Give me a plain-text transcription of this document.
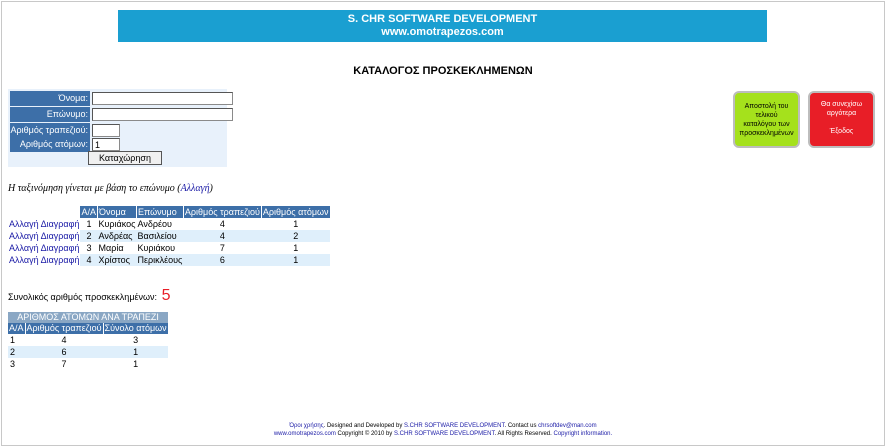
S. CHR SOFTWARE DEVELOPMENT
www.omotrapezos.com
ΚΑΤΑΛΟΓΟΣ ΠΡΟΣΚΕΚΛΗΜΕΝΩΝ
Όνομα:
Επώνυμο:
Αριθμός τραπεζιού:
Αριθμός ατόμων:
1
Καταχώρηση
Αποστολή του
τελικού
καταλόγου των
προσκεκλημένων
Θα συνεχίσω
αργότερα
Έξοδος
Η ταξινόμηση γίνεται με βάση το επώνυμο (Αλλαγή)
	Α/Α	Όνομα	Επώνυμο	Αριθμός τραπεζιού	Αριθμός ατόμων
Αλλαγή Διαγραφή	1	Κυριάκος	Ανδρέου	4	1
Αλλαγή Διαγραφή	2	Ανδρέας	Βασιλείου	4	2
Αλλαγή Διαγραφή	3	Μαρία	Κυριάκου	7	1
Αλλαγή Διαγραφή	4	Χρίστος	Περικλέους	6	1
Συνολικός αριθμός προσκεκλημένων: 5
ΑΡΙΘΜΟΣ ΑΤΟΜΩΝ ΑΝΑ ΤΡΑΠΕΖΙ		
Α/Α	Αριθμός τραπεζιού	Σύνολο ατόμων
1	4	3
2	6	1
3	7	1
Όροι χρήσης. Designed and Developed by S.CHR SOFTWARE DEVELOPMENT. Contact us chrsoftdev@man.com
www.omotrapezos.com Copyright © 2010 by S.CHR SOFTWARE DEVELOPMENT. All Rights Reserved. Copyright information.
